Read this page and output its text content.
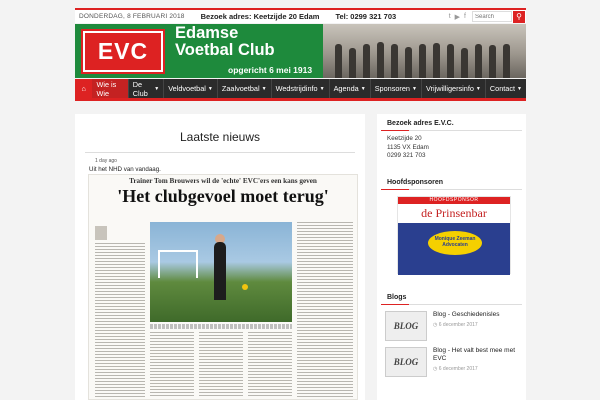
DONDERDAG, 8 FEBRUARI 2018	Bezoek adres: Keetzijde 20 Edam Tel: 0299 321 703	t ▶ f
Search	⚲
EVC
Edamse
Voetbal Club
opgericht 6 mei 1913
⌂ Wie is Wie
De Club	▼ Veldvoetbal ▼ Zaalvoetbal ▼ Wedstrijdinfo ▼ Agenda ▼ Sponsoren ▼ Vrijwilligersinfo ▼ Contact ▼
Laatste nieuws
1 day ago
Uit het NHD van vandaag.
Trainer Tom Brouwers wil de 'echte' EVC'ers een kans geven
'Het clubgevoel moet terug'
Bezoek adres E.V.C.
Keetzijde 20
1135 VX Edam
0299 321 703
Hoofdsponsoren
HOOFDSPONSOR
de Prinsenbar
Monique Zeeman Advocaten
Blogs
BLOG
Blog - Geschiedenisles
◷ 6 december 2017
BLOG
Blog - Het valt best mee met EVC
◷ 6 december 2017
